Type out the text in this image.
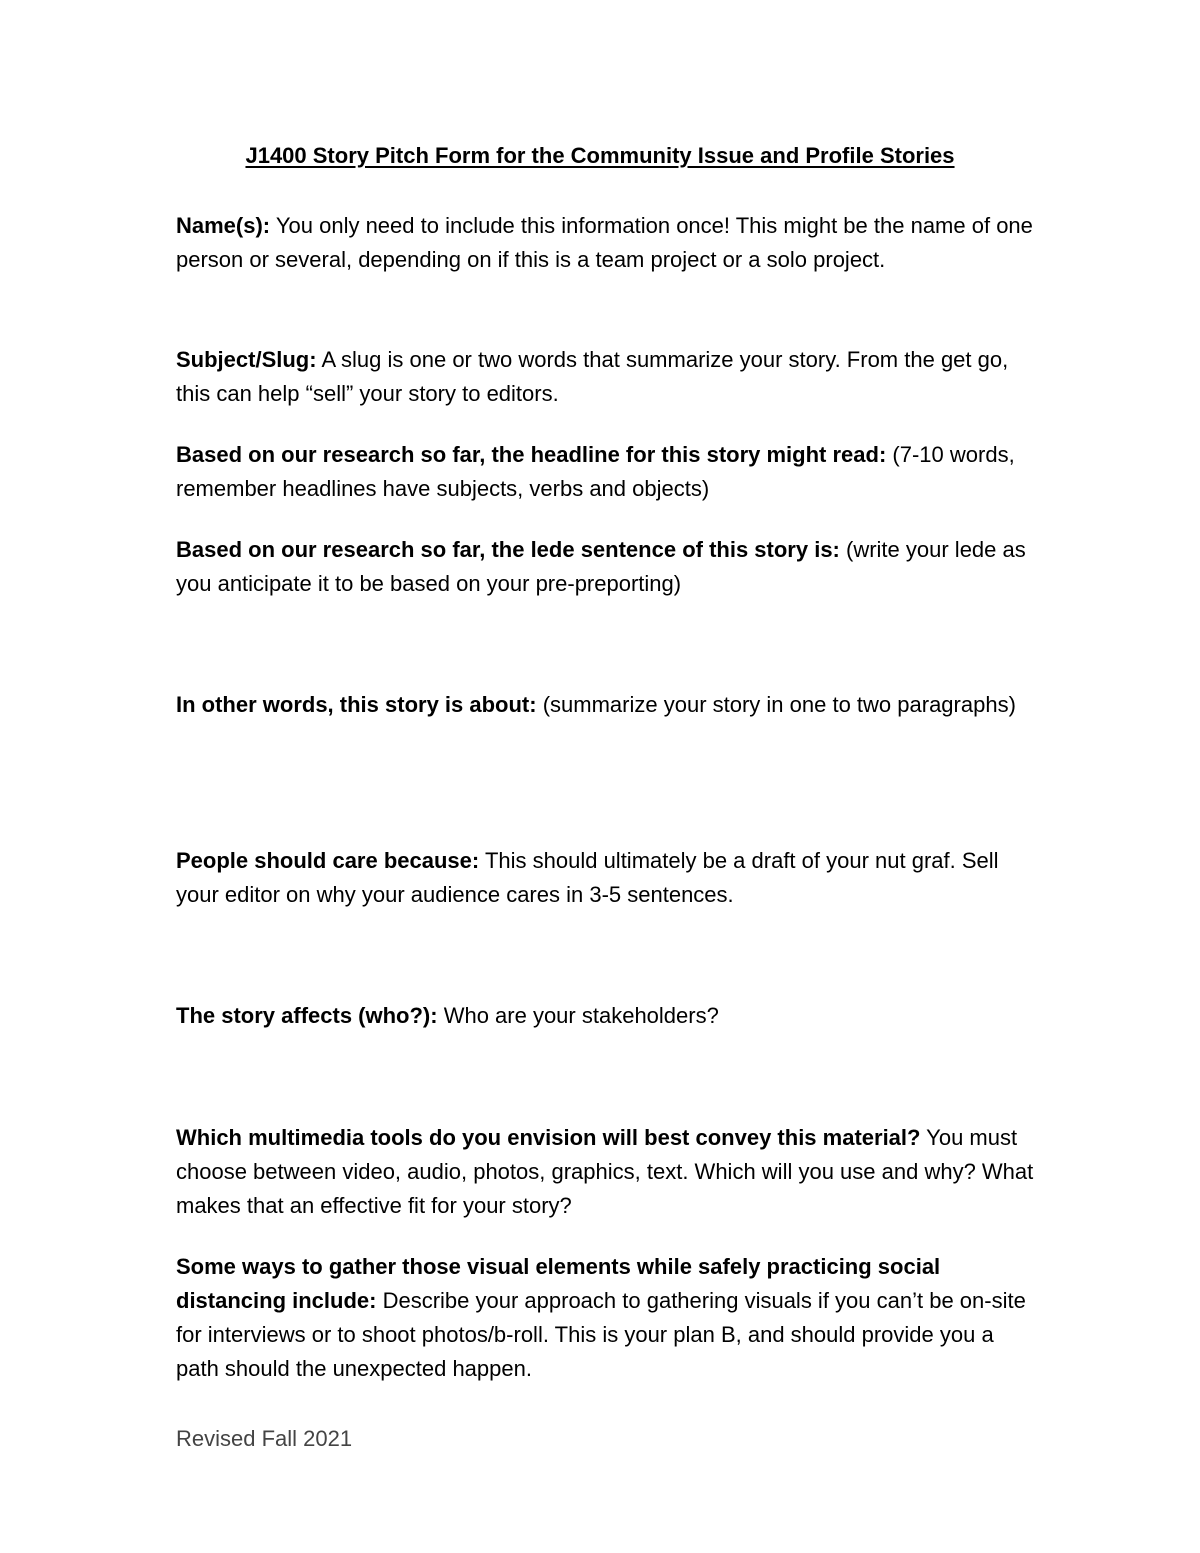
J1400 Story Pitch Form for the Community Issue and Profile Stories
Name(s): You only need to include this information once! This might be the name of one person or several, depending on if this is a team project or a solo project.
Subject/Slug: A slug is one or two words that summarize your story. From the get go, this can help “sell” your story to editors.
Based on our research so far, the headline for this story might read: (7-10 words, remember headlines have subjects, verbs and objects)
Based on our research so far, the lede sentence of this story is: (write your lede as you anticipate it to be based on your pre-preporting)
In other words, this story is about: (summarize your story in one to two paragraphs)
People should care because: This should ultimately be a draft of your nut graf. Sell your editor on why your audience cares in 3-5 sentences.
The story affects (who?): Who are your stakeholders?
Which multimedia tools do you envision will best convey this material? You must choose between video, audio, photos, graphics, text. Which will you use and why? What makes that an effective fit for your story?
Some ways to gather those visual elements while safely practicing social distancing include: Describe your approach to gathering visuals if you can’t be on-site for interviews or to shoot photos/b-roll. This is your plan B, and should provide you a path should the unexpected happen.
Revised Fall 2021
